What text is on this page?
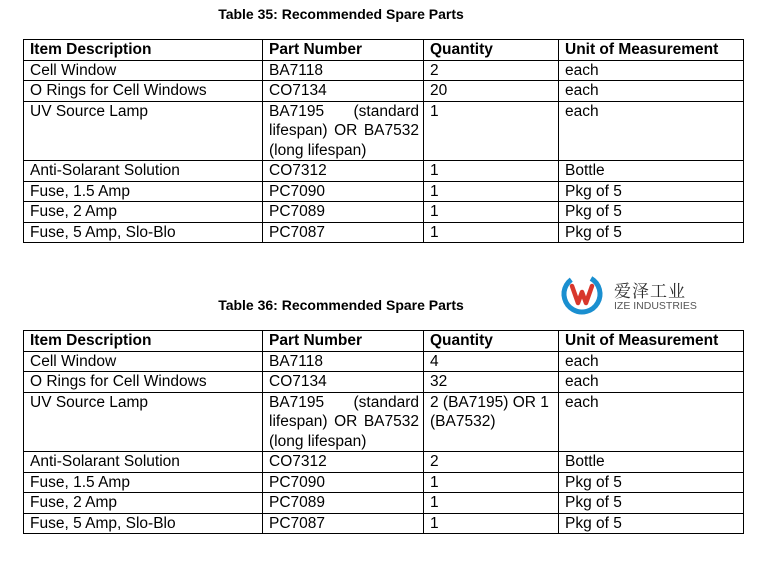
Table 35: Recommended Spare Parts
Item Description	Part Number	Quantity	Unit of Measurement
Cell Window	BA7118	2	each
O Rings for Cell Windows	CO7134	20	each
UV Source Lamp	BA7195 (standard lifespan) OR BA7532 (long lifespan)	1	each
Anti-Solarant Solution	CO7312	1	Bottle
Fuse, 1.5 Amp	PC7090	1	Pkg of 5
Fuse, 2 Amp	PC7089	1	Pkg of 5
Fuse, 5 Amp, Slo-Blo	PC7087	1	Pkg of 5
爱泽工业
IZE INDUSTRIES
Table 36: Recommended Spare Parts
Item Description	Part Number	Quantity	Unit of Measurement
Cell Window	BA7118	4	each
O Rings for Cell Windows	CO7134	32	each
UV Source Lamp	BA7195 (standard lifespan) OR BA7532 (long lifespan)	2 (BA7195) OR 1 (BA7532)	each
Anti-Solarant Solution	CO7312	2	Bottle
Fuse, 1.5 Amp	PC7090	1	Pkg of 5
Fuse, 2 Amp	PC7089	1	Pkg of 5
Fuse, 5 Amp, Slo-Blo	PC7087	1	Pkg of 5
